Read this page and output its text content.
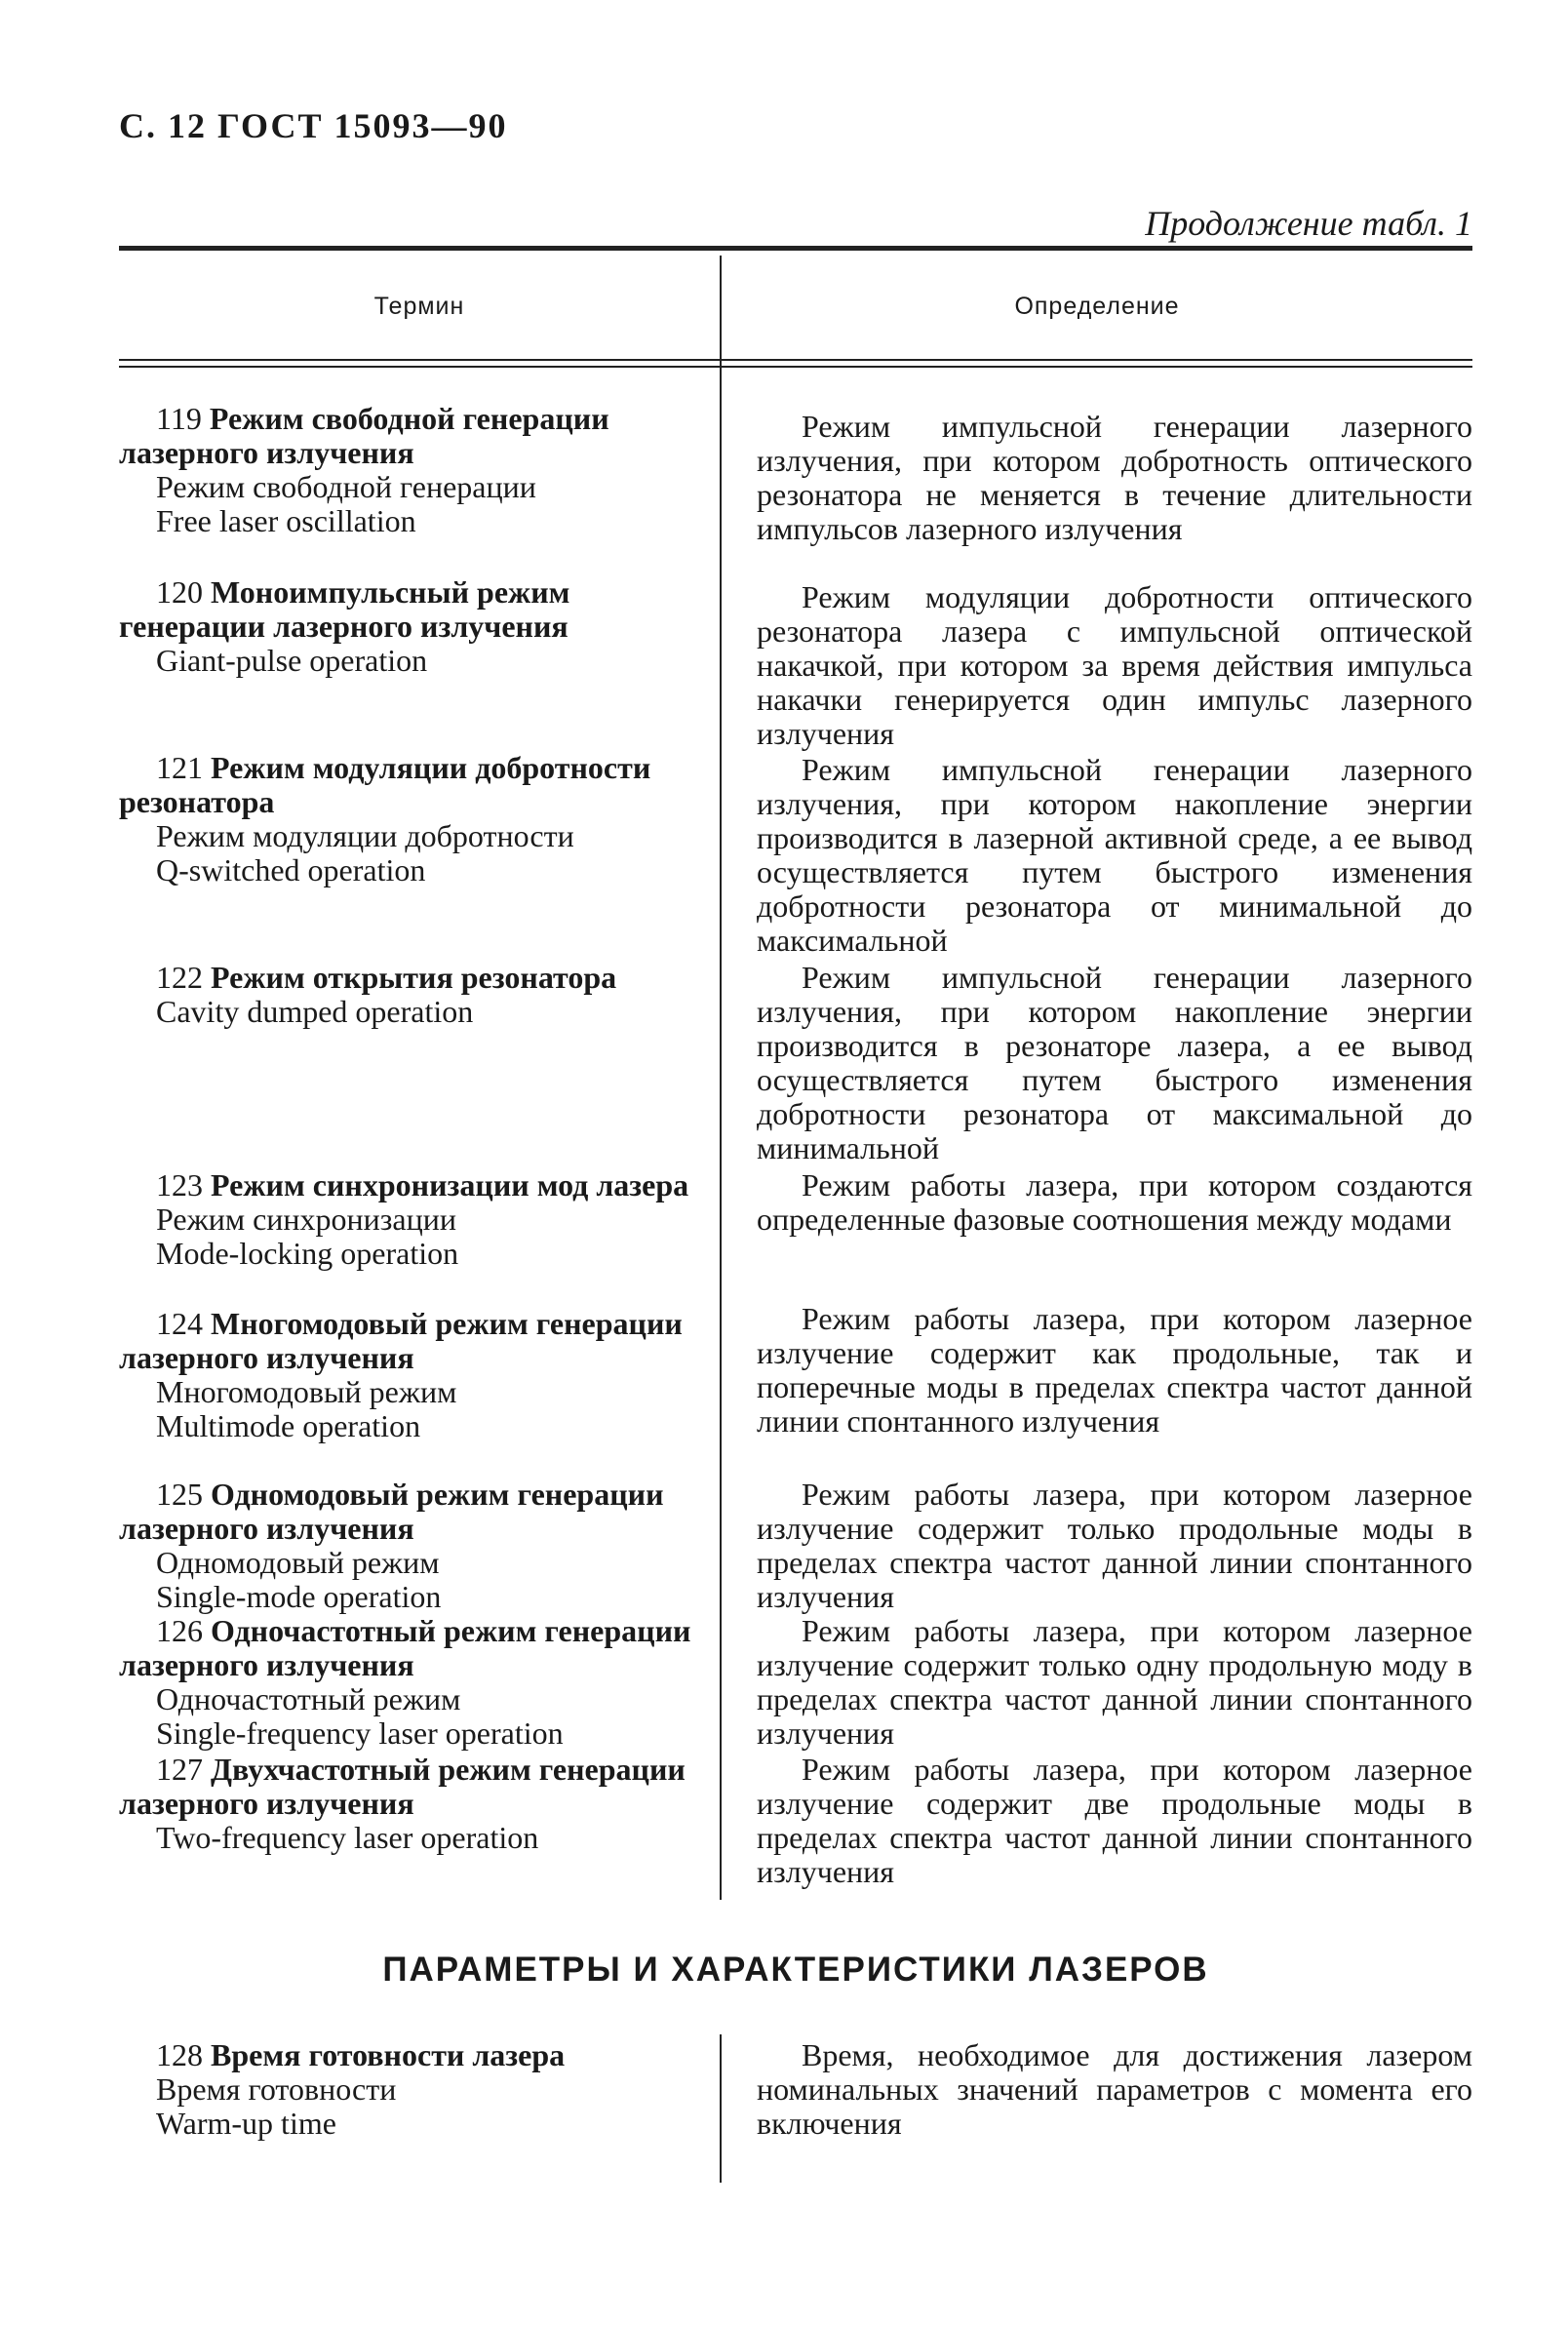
С. 12 ГОСТ 15093—90
Продолжение табл. 1
Термин	Определение

119 Режим свободной генерации лазерного излучения

Режим свободной генерации

Free laser oscillation

Режим импульсной генерации лазерного излучения, при котором добротность оптического резонатора не меняется в течение длительности импульсов лазерного излучения

120 Моноимпульсный режим генерации лазерного излучения

Giant-pulse operation

Режим модуляции добротности оптического резонатора лазера с импульсной оптической накачкой, при котором за время действия импульса накачки генерируется один импульс лазерного излучения

121 Режим модуляции добротности резонатора

Режим модуляции добротности

Q-switched operation

Режим импульсной генерации лазерного излучения, при котором накопление энергии производится в лазерной активной среде, а ее вывод осуществляется путем быстрого изменения добротности резонатора от минимальной до максимальной

122 Режим открытия резонатора

Cavity dumped operation

Режим импульсной генерации лазерного излучения, при котором накопление энергии производится в резонаторе лазера, а ее вывод осуществляется путем быстрого изменения добротности резонатора от максимальной до минимальной

123 Режим синхронизации мод лазера

Режим синхронизации

Mode-locking operation

Режим работы лазера, при котором создаются определенные фазовые соотношения между модами

124 Многомодовый режим генерации лазерного излучения

Многомодовый режим

Multimode operation

Режим работы лазера, при котором лазерное излучение содержит как продольные, так и поперечные моды в пределах спектра частот данной линии спонтанного излучения

125 Одномодовый режим генерации лазерного излучения

Одномодовый режим

Single-mode operation

Режим работы лазера, при котором лазерное излучение содержит только продольные моды в пределах спектра частот данной линии спонтанного излучения

126 Одночастотный режим генерации лазерного излучения

Одночастотный режим

Single-frequency laser operation

Режим работы лазера, при котором лазерное излучение содержит только одну продольную моду в пределах спектра частот данной линии спонтанного излучения

127 Двухчастотный режим генерации лазерного излучения

Two-frequency laser operation

Режим работы лазера, при котором лазерное излучение содержит две продольные моды в пределах спектра частот данной линии спонтанного излучения

ПАРАМЕТРЫ И ХАРАКТЕРИСТИКИ ЛАЗЕРОВ

128 Время готовности лазера

Время готовности

Warm-up time

Время, необходимое для достижения лазером номинальных значений параметров с момента его включения
